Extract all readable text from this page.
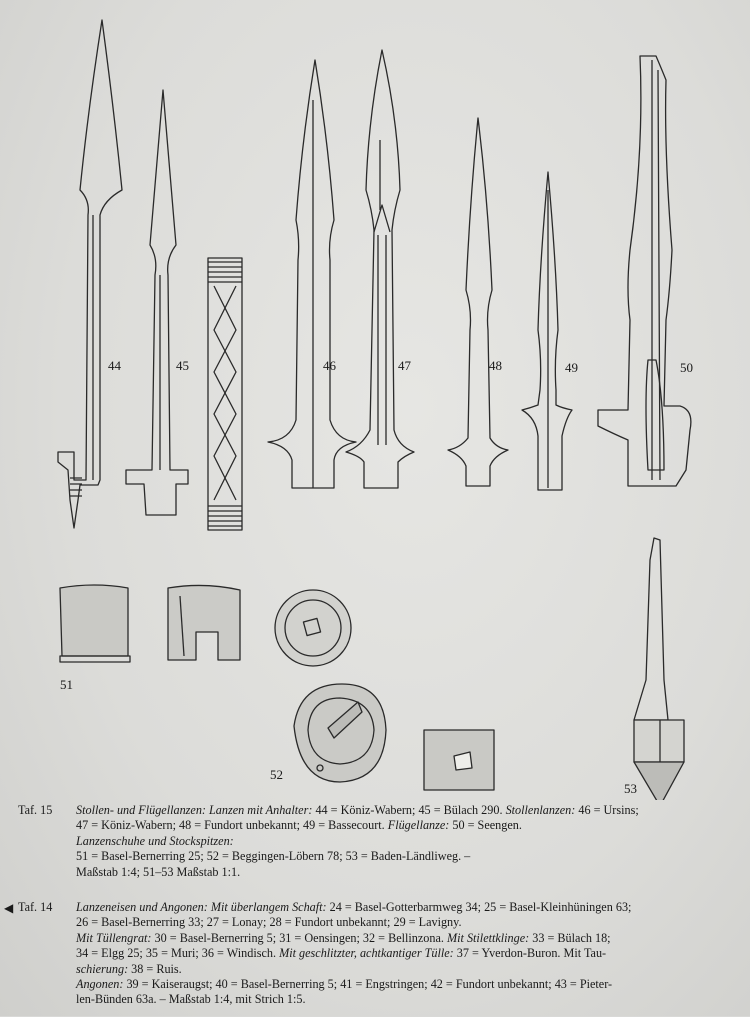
44	45	46	47	48	49	50
51
52
53
Taf. 15 Stollen- und Flügellanzen: Lanzen mit Anhalter: 44 = Köniz-Wabern; 45 = Bülach 290. Stollenlanzen: 46 = Ursins;
47 = Köniz-Wabern; 48 = Fundort unbekannt; 49 = Bassecourt. Flügellanze: 50 = Seengen.
Lanzenschuhe und Stockspitzen:
51 = Basel-Bernerring 25; 52 = Beggingen-Löbern 78; 53 = Baden-Ländliweg. –
Maßstab 1:4; 51–53 Maßstab 1:1.
◀ Taf. 14 Lanzeneisen und Angonen: Mit überlangem Schaft: 24 = Basel-Gotterbarmweg 34; 25 = Basel-Kleinhüningen 63;
26 = Basel-Bernerring 33; 27 = Lonay; 28 = Fundort unbekannt; 29 = Lavigny.
Mit Tüllengrat: 30 = Basel-Bernerring 5; 31 = Oensingen; 32 = Bellinzona. Mit Stilettklinge: 33 = Bülach 18;
34 = Elgg 25; 35 = Muri; 36 = Windisch. Mit geschlitzter, achtkantiger Tülle: 37 = Yverdon-Buron. Mit Tau-
schierung: 38 = Ruis.
Angonen: 39 = Kaiseraugst; 40 = Basel-Bernerring 5; 41 = Engstringen; 42 = Fundort unbekannt; 43 = Pieter-
len-Bünden 63a. – Maßstab 1:4, mit Strich 1:5.
